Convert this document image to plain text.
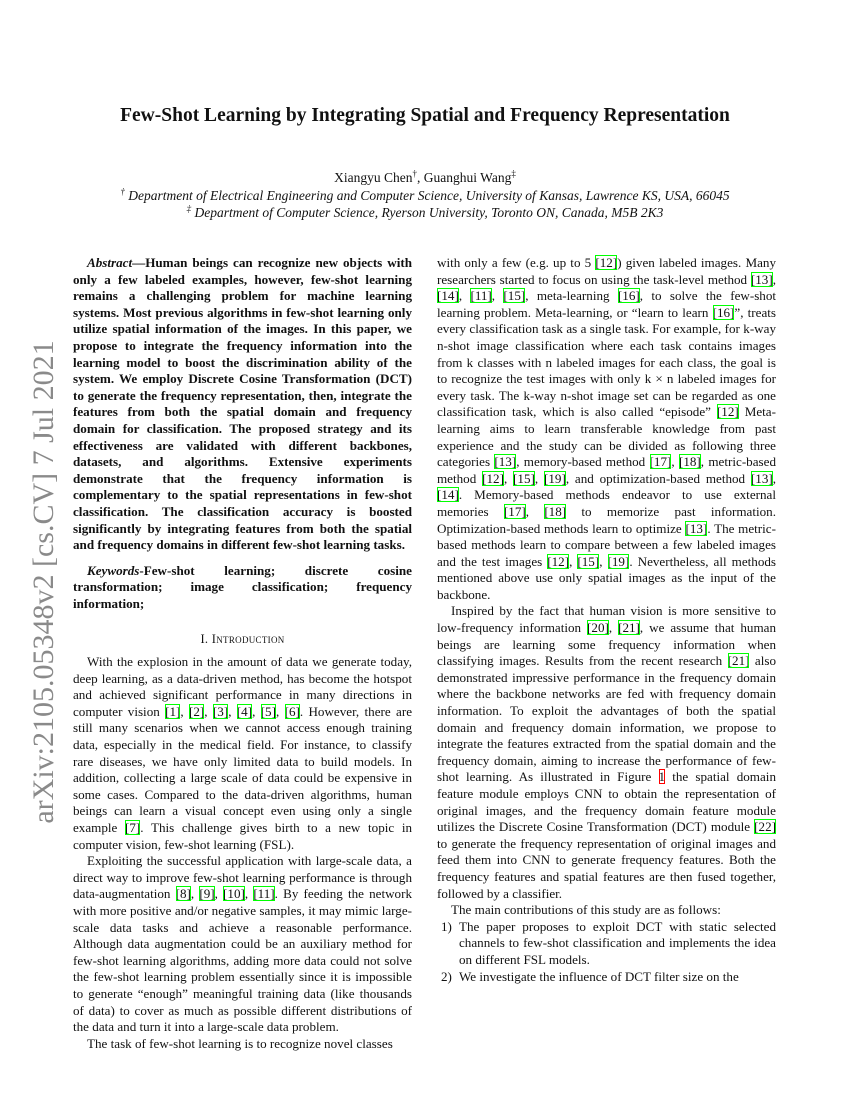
arXiv:2105.05348v2 [cs.CV] 7 Jul 2021
Few-Shot Learning by Integrating Spatial and Frequency Representation
Xiangyu Chen†, Guanghui Wang‡
† Department of Electrical Engineering and Computer Science, University of Kansas, Lawrence KS, USA, 66045
‡ Department of Computer Science, Ryerson University, Toronto ON, Canada, M5B 2K3

Abstract—Human beings can recognize new objects with only a few labeled examples, however, few-shot learning remains a challenging problem for machine learning systems. Most previous algorithms in few-shot learning only utilize spatial information of the images. In this paper, we propose to integrate the frequency information into the learning model to boost the discrimination ability of the system. We employ Discrete Cosine Transformation (DCT) to generate the frequency representation, then, integrate the features from both the spatial domain and frequency domain for classification. The proposed strategy and its effectiveness are validated with different backbones, datasets, and algorithms. Extensive experiments demonstrate that the frequency information is complementary to the spatial representations in few-shot classification. The classification accuracy is boosted significantly by integrating features from both the spatial and frequency domains in different few-shot learning tasks.

Keywords-Few-shot learning; discrete cosine transformation; image classification; frequency information;

I. Introduction

With the explosion in the amount of data we generate today, deep learning, as a data-driven method, has become the hotspot and achieved significant performance in many directions in computer vision [1], [2], [3], [4], [5], [6]. However, there are still many scenarios when we cannot access enough training data, especially in the medical field. For instance, to classify rare diseases, we have only limited data to build models. In addition, collecting a large scale of data could be expensive in some cases. Compared to the data-driven algorithms, human beings can learn a visual concept even using only a single example [7]. This challenge gives birth to a new topic in computer vision, few-shot learning (FSL).

Exploiting the successful application with large-scale data, a direct way to improve few-shot learning performance is through data-augmentation [8], [9], [10], [11]. By feeding the network with more positive and/or negative samples, it may mimic large-scale data tasks and achieve a reasonable performance. Although data augmentation could be an auxiliary method for few-shot learning algorithms, adding more data could not solve the few-shot learning problem essentially since it is impossible to generate “enough” meaningful training data (like thousands of data) to cover as much as possible different distributions of the data and turn it into a large-scale data problem.

The task of few-shot learning is to recognize novel classes

with only a few (e.g. up to 5 [12]) given labeled images. Many researchers started to focus on using the task-level method [13], [14], [11], [15], meta-learning [16], to solve the few-shot learning problem. Meta-learning, or “learn to learn [16]”, treats every classification task as a single task. For example, for k-way n-shot image classification where each task contains images from k classes with n labeled images for each class, the goal is to recognize the test images with only k × n labeled images for every task. The k-way n-shot image set can be regarded as one classification task, which is also called “episode” [12] Meta-learning aims to learn transferable knowledge from past experience and the study can be divided as following three categories [13], memory-based method [17], [18], metric-based method [12], [15], [19], and optimization-based method [13], [14]. Memory-based methods endeavor to use external memories [17], [18] to memorize past information. Optimization-based methods learn to optimize [13]. The metric-based methods learn to compare between a few labeled images and the test images [12], [15], [19]. Nevertheless, all methods mentioned above use only spatial images as the input of the backbone.

Inspired by the fact that human vision is more sensitive to low-frequency information [20], [21], we assume that human beings are learning some frequency information when classifying images. Results from the recent research [21] also demonstrated impressive performance in the frequency domain where the backbone networks are fed with frequency domain information. To exploit the advantages of both the spatial domain and frequency domain information, we propose to integrate the features extracted from the spatial domain and the frequency domain, aiming to increase the performance of few-shot learning. As illustrated in Figure 1 the spatial domain feature module employs CNN to obtain the representation of original images, and the frequency domain feature module utilizes the Discrete Cosine Transformation (DCT) module [22] to generate the frequency representation of original images and feed them into CNN to generate frequency features. Both the frequency features and spatial features are then fused together, followed by a classifier.

The main contributions of this study are as follows:

1) The paper proposes to exploit DCT with static selected channels to few-shot classification and implements the idea on different FSL models.

2) We investigate the influence of DCT filter size on the
